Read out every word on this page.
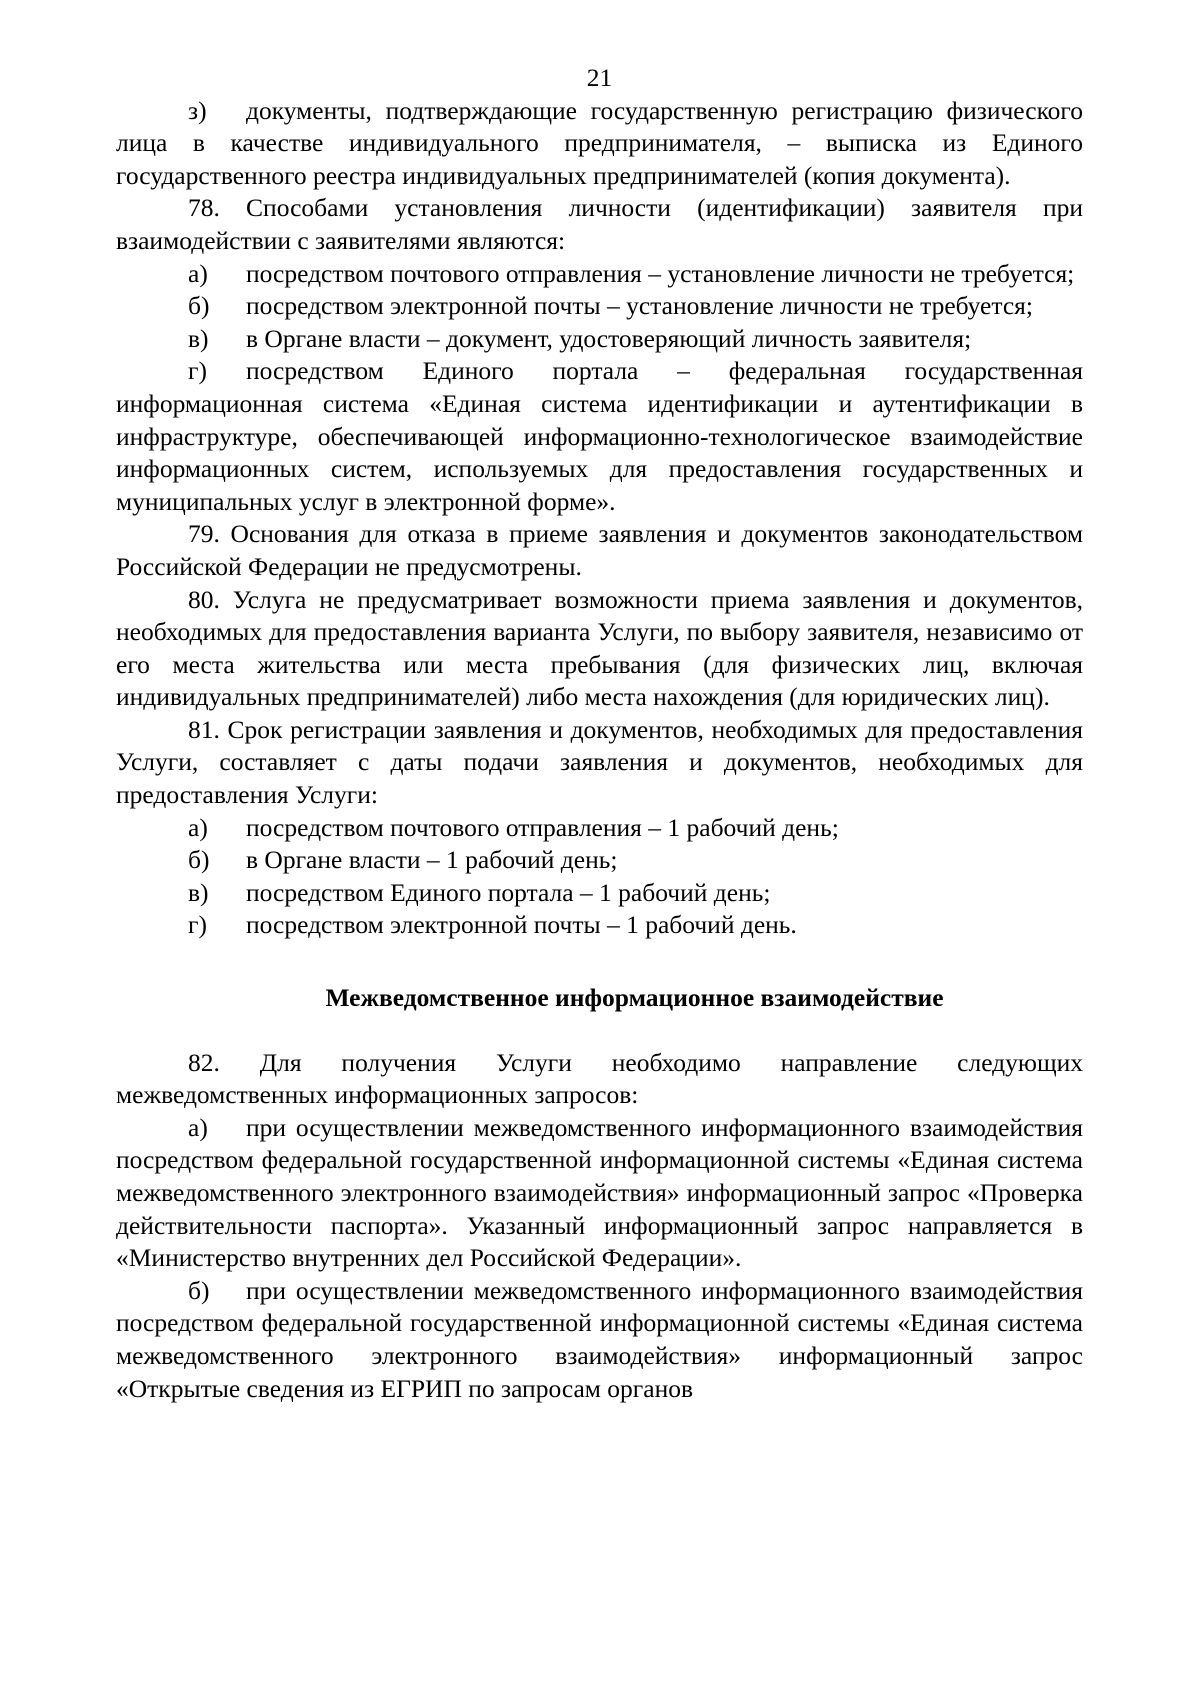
21

з) документы, подтверждающие государственную регистрацию физического лица в качестве индивидуального предпринимателя, – выписка из Единого государственного реестра индивидуальных предпринимателей (копия документа).

78. Способами установления личности (идентификации) заявителя при взаимодействии с заявителями являются:

а) посредством почтового отправления – установление личности не требуется;

б) посредством электронной почты – установление личности не требуется;

в) в Органе власти – документ, удостоверяющий личность заявителя;

г) посредством Единого портала – федеральная государственная информационная система «Единая система идентификации и аутентификации в инфраструктуре, обеспечивающей информационно-технологическое взаимодействие информационных систем, используемых для предоставления государственных и муниципальных услуг в электронной форме».

79. Основания для отказа в приеме заявления и документов законодательством Российской Федерации не предусмотрены.

80. Услуга не предусматривает возможности приема заявления и документов, необходимых для предоставления варианта Услуги, по выбору заявителя, независимо от его места жительства или места пребывания (для физических лиц, включая индивидуальных предпринимателей) либо места нахождения (для юридических лиц).

81. Срок регистрации заявления и документов, необходимых для предоставления Услуги, составляет с даты подачи заявления и документов, необходимых для предоставления Услуги:

а) посредством почтового отправления – 1 рабочий день;

б) в Органе власти – 1 рабочий день;

в) посредством Единого портала – 1 рабочий день;

г) посредством электронной почты – 1 рабочий день.

Межведомственное информационное взаимодействие

82. Для получения Услуги необходимо направление следующих межведомственных информационных запросов:

а) при осуществлении межведомственного информационного взаимодействия посредством федеральной государственной информационной системы «Единая система межведомственного электронного взаимодействия» информационный запрос «Проверка действительности паспорта». Указанный информационный запрос направляется в «Министерство внутренних дел Российской Федерации».

б) при осуществлении межведомственного информационного взаимодействия посредством федеральной государственной информационной системы «Единая система межведомственного электронного взаимодействия» информационный запрос «Открытые сведения из ЕГРИП по запросам органов
